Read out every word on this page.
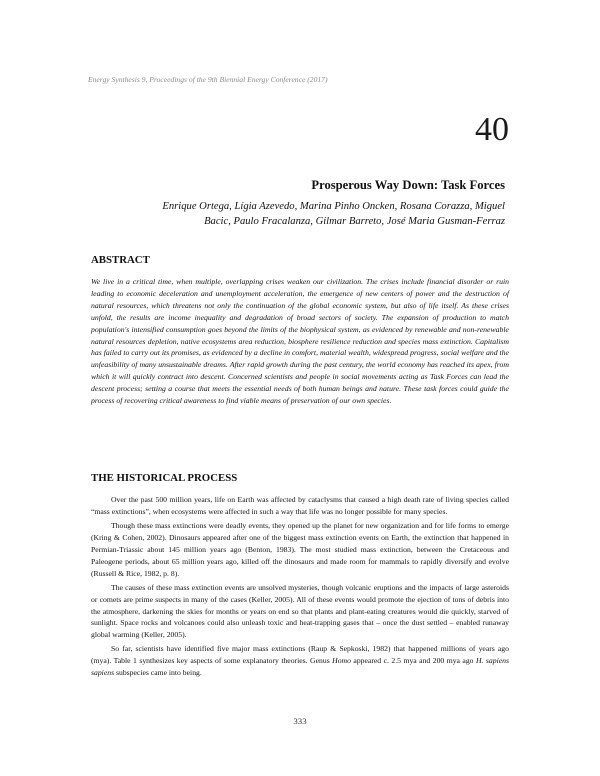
Energy Synthesis 9, Proceedings of the 9th Biennial Energy Conference (2017)
40
Prosperous Way Down: Task Forces
Enrique Ortega, Lígia Azevedo, Marina Pinho Oncken, Rosana Corazza, Miguel
Bacic, Paulo Fracalanza, Gilmar Barreto, José Maria Gusman-Ferraz
ABSTRACT

We live in a critical time, when multiple, overlapping crises weaken our civilization. The crises include financial disorder or ruin leading to economic deceleration and unemployment acceleration, the emergence of new centers of power and the destruction of natural resources, which threatens not only the continuation of the global economic system, but also of life itself. As these crises unfold, the results are income inequality and degradation of broad sectors of society. The expansion of production to match population's intensified consumption goes beyond the limits of the biophysical system, as evidenced by renewable and non-renewable natural resources depletion, native ecosystems area reduction, biosphere resilience reduction and species mass extinction. Capitalism has failed to carry out its promises, as evidenced by a decline in comfort, material wealth, widespread progress, social welfare and the unfeasibility of many unsustainable dreams. After rapid growth during the past century, the world economy has reached its apex, from which it will quickly contract into descent. Concerned scientists and people in social movements acting as Task Forces can lead the descent process; setting a course that meets the essential needs of both human beings and nature. These task forces could guide the process of recovering critical awareness to find viable means of preservation of our own species.

THE HISTORICAL PROCESS

Over the past 500 million years, life on Earth was affected by cataclysms that caused a high death rate of living species called “mass extinctions”, when ecosystems were affected in such a way that life was no longer possible for many species.

Though these mass extinctions were deadly events, they opened up the planet for new organization and for life forms to emerge (Kring & Cohen, 2002). Dinosaurs appeared after one of the biggest mass extinction events on Earth, the extinction that happened in Permian-Triassic about 145 million years ago (Benton, 1983). The most studied mass extinction, between the Cretaceous and Paleogene periods, about 65 million years ago, killed off the dinosaurs and made room for mammals to rapidly diversify and evolve (Russell & Rice, 1982, p. 8).

The causes of these mass extinction events are unsolved mysteries, though volcanic eruptions and the impacts of large asteroids or comets are prime suspects in many of the cases (Keller, 2005). All of these events would promote the ejection of tons of debris into the atmosphere, darkening the skies for months or years on end so that plants and plant-eating creatures would die quickly, starved of sunlight. Space rocks and volcanoes could also unleash toxic and heat-trapping gases that – once the dust settled – enabled runaway global warming (Keller, 2005).

So far, scientists have identified five major mass extinctions (Raup & Sepkoski, 1982) that happened millions of years ago (mya). Table 1 synthesizes key aspects of some explanatory theories. Genus Homo appeared c. 2.5 mya and 200 mya ago H. sapiens sapiens subspecies came into being.

333
